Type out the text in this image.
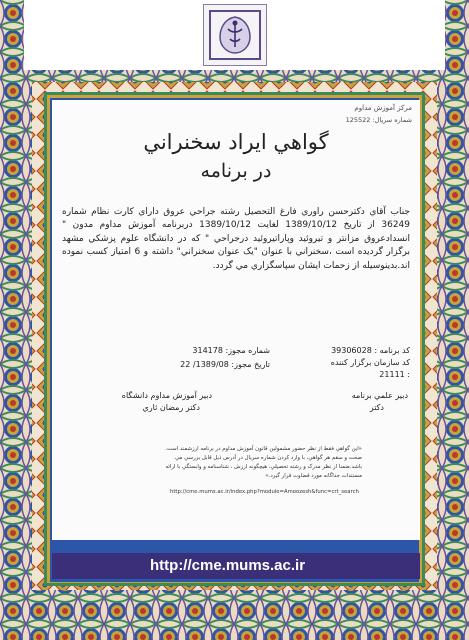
مرکز آموزش مداوم
شماره سريال: 125522
گواهي ايراد سخنراني
در برنامه
جناب آقاي دکترحسن راوري فارغ التحصيل رشته جراحي عروق داراي کارت نظام شماره 36249 از تاريخ 1389/10/12 لغايت 1389/10/12 دربرنامه آموزش مداوم مدون " انسدادعروق مزانتر و تيروئيد وپاراتيروئيد درجراحي " که در دانشگاه علوم پزشکي مشهد برگزار گرديده است ،سخنراني با عنوان "يک عنوان سخنراني" داشته و 6 امتياز کسب نموده اند.بدينوسيله از زحمات ايشان سپاسگزاري مي گردد.
کد برنامه : 39306028
شماره مجوز: 314178
کد سازمان برگزار کننده
: 21111
تاريخ مجوز: 1389/08/ 22
دبير علمي برنامه
دکتر
دبير آموزش مداوم دانشگاه
دکتر رمضان ثاري
«اين گواهي فقط از نظر حضور مشمولين قانون آموزش مداوم در برنامه ارزشمند است.
صحت و سقم هر گواهي، با وارد کردن شماره سريال در آدرس ذيل قابل بررسي مي
باشد.ضمنا از نظر مدرک و رشته تحصيلي، هيچگونه ارزش ، شناسنامه و وابستگي با ارائه
مستندات جداگانه مورد قضاوت قرار گيرد.»
http://cme.mums.ac.ir/index.php?module=Amoozesh&func=crt_search
http://cme.mums.ac.ir
